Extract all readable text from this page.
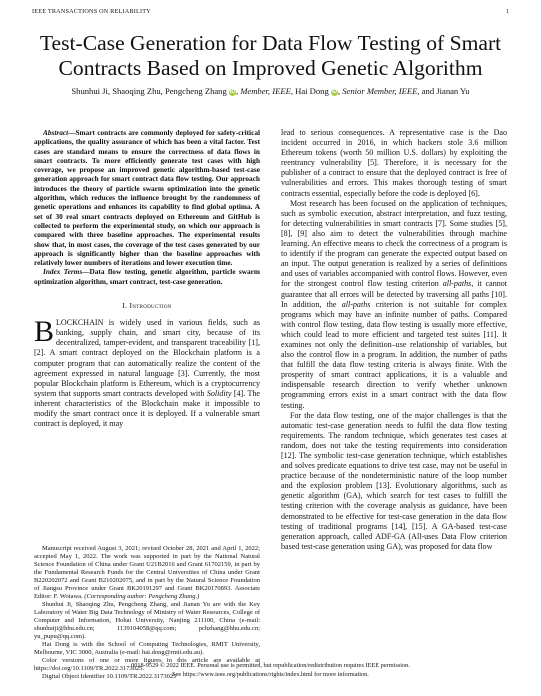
IEEE TRANSACTIONS ON RELIABILITY	1
Test-Case Generation for Data Flow Testing of Smart
Contracts Based on Improved Genetic Algorithm
Shunhui Ji, Shaoqing Zhu, Pengcheng Zhang iD, Member, IEEE, Hai Dong iD, Senior Member, IEEE, and Jianan Yu

Abstract—Smart contracts are commonly deployed for safety-critical applications, the quality assurance of which has been a vital factor. Test cases are standard means to ensure the correctness of data flows in smart contracts. To more efficiently generate test cases with high coverage, we propose an improved genetic algorithm-based test-case generation approach for smart contract data flow testing. Our approach introduces the theory of particle swarm optimization into the genetic algorithm, which reduces the influence brought by the randomness of genetic operations and enhances its capability to find global optima. A set of 30 real smart contracts deployed on Ethereum and GitHub is collected to perform the experimental study, on which our approach is compared with three baseline approaches. The experimental results show that, in most cases, the coverage of the test cases generated by our approach is significantly higher than the baseline approaches with relatively lower numbers of iterations and lower execution time.

Index Terms—Data flow testing, genetic algorithm, particle swarm optimization algorithm, smart contract, test-case generation.

I. Introduction

BLOCKCHAIN is widely used in various fields, such as banking, supply chain, and smart city, because of its decentralized, tamper-evident, and transparent traceability [1], [2]. A smart contract deployed on the Blockchain platform is a computer program that can automatically realize the content of the agreement expressed in natural language [3]. Currently, the most popular Blockchain platform is Ethereum, which is a cryptocurrency system that supports smart contracts developed with Solidity [4]. The inherent characteristics of the Blockchain make it impossible to modify the smart contract once it is deployed. If a vulnerable smart contract is deployed, it may

Manuscript received August 3, 2021; revised October 28, 2021 and April 1, 2022; accepted May 1, 2022. The work was supported in part by the National Natural Science Foundation of China under Grant U21B2016 and Grant 61702159, in part by the Fundamental Research Funds for the Central Universities of China under Grant B220202072 and Grant B210202075, and in part by the Natural Science Foundation of Jiangsu Province under Grant BK20191297 and Grant BK20170893. Associate Editor: F. Wotawa. (Corresponding author: Pengcheng Zhang.)

Shunhui Ji, Shaoqing Zhu, Pengcheng Zhang, and Jianan Yu are with the Key Laboratory of Water Big Data Technology of Ministry of Water Resources, College of Computer and Information, Hohai University, Nanjing 211100, China (e-mail: shunhuiji@hhu.edu.cn; 1139104058@qq.com; pchzhang@hhu.edu.cn; yu_pupu@qq.com).

Hai Dong is with the School of Computing Technologies, RMIT University, Melbourne, VIC 3000, Australia (e-mail: hai.dong@rmit.edu.au).

Color versions of one or more figures in this article are available at https://doi.org/10.1109/TR.2022.3173025.

Digital Object Identifier 10.1109/TR.2022.3173025

lead to serious consequences. A representative case is the Dao incident occurred in 2016, in which hackers stole 3.6 million Ethereum tokens (worth 50 million U.S. dollars) by exploiting the reentrancy vulnerability [5]. Therefore, it is necessary for the publisher of a contract to ensure that the deployed contract is free of vulnerabilities and errors. This makes thorough testing of smart contracts essential, especially before the code is deployed [6].

Most research has been focused on the application of techniques, such as symbolic execution, abstract interpretation, and fuzz testing, for detecting vulnerabilities in smart contracts [7]. Some studies [5], [8], [9] also aim to detect the vulnerabilities through machine learning. An effective means to check the correctness of a program is to identify if the program can generate the expected output based on an input. The output generation is realized by a series of definitions and uses of variables accompanied with control flows. However, even for the strongest control flow testing criterion all-paths, it cannot guarantee that all errors will be detected by traversing all paths [10]. In addition, the all-paths criterion is not suitable for complex programs which may have an infinite number of paths. Compared with control flow testing, data flow testing is usually more effective, which could lead to more efficient and targeted test suites [11]. It examines not only the definition–use relationship of variables, but also the control flow in a program. In addition, the number of paths that fulfill the data flow testing criteria is always finite. With the prosperity of smart contract applications, it is a valuable and indispensable research direction to verify whether unknown programming errors exist in a smart contract with the data flow testing.

For the data flow testing, one of the major challenges is that the automatic test-case generation needs to fulfil the data flow testing requirements. The random technique, which generates test cases at random, does not take the testing requirements into consideration [12]. The symbolic test-case generation technique, which establishes and solves predicate equations to drive test case, may not be useful in practice because of the nondeterministic nature of the loop number and the explosion problem [13]. Evolutionary algorithms, such as genetic algorithm (GA), which search for test cases to fulfill the testing criterion with the coverage analysis as guidance, have been demonstrated to be effective for test-case generation in the data flow testing of traditional programs [14], [15]. A GA-based test-case generation approach, called ADF-GA (All-uses Data Flow criterion based test-case generation using GA), was proposed for data flow

0018-9529 © 2022 IEEE. Personal use is permitted, but republication/redistribution requires IEEE permission.
See https://www.ieee.org/publications/rights/index.html for more information.
